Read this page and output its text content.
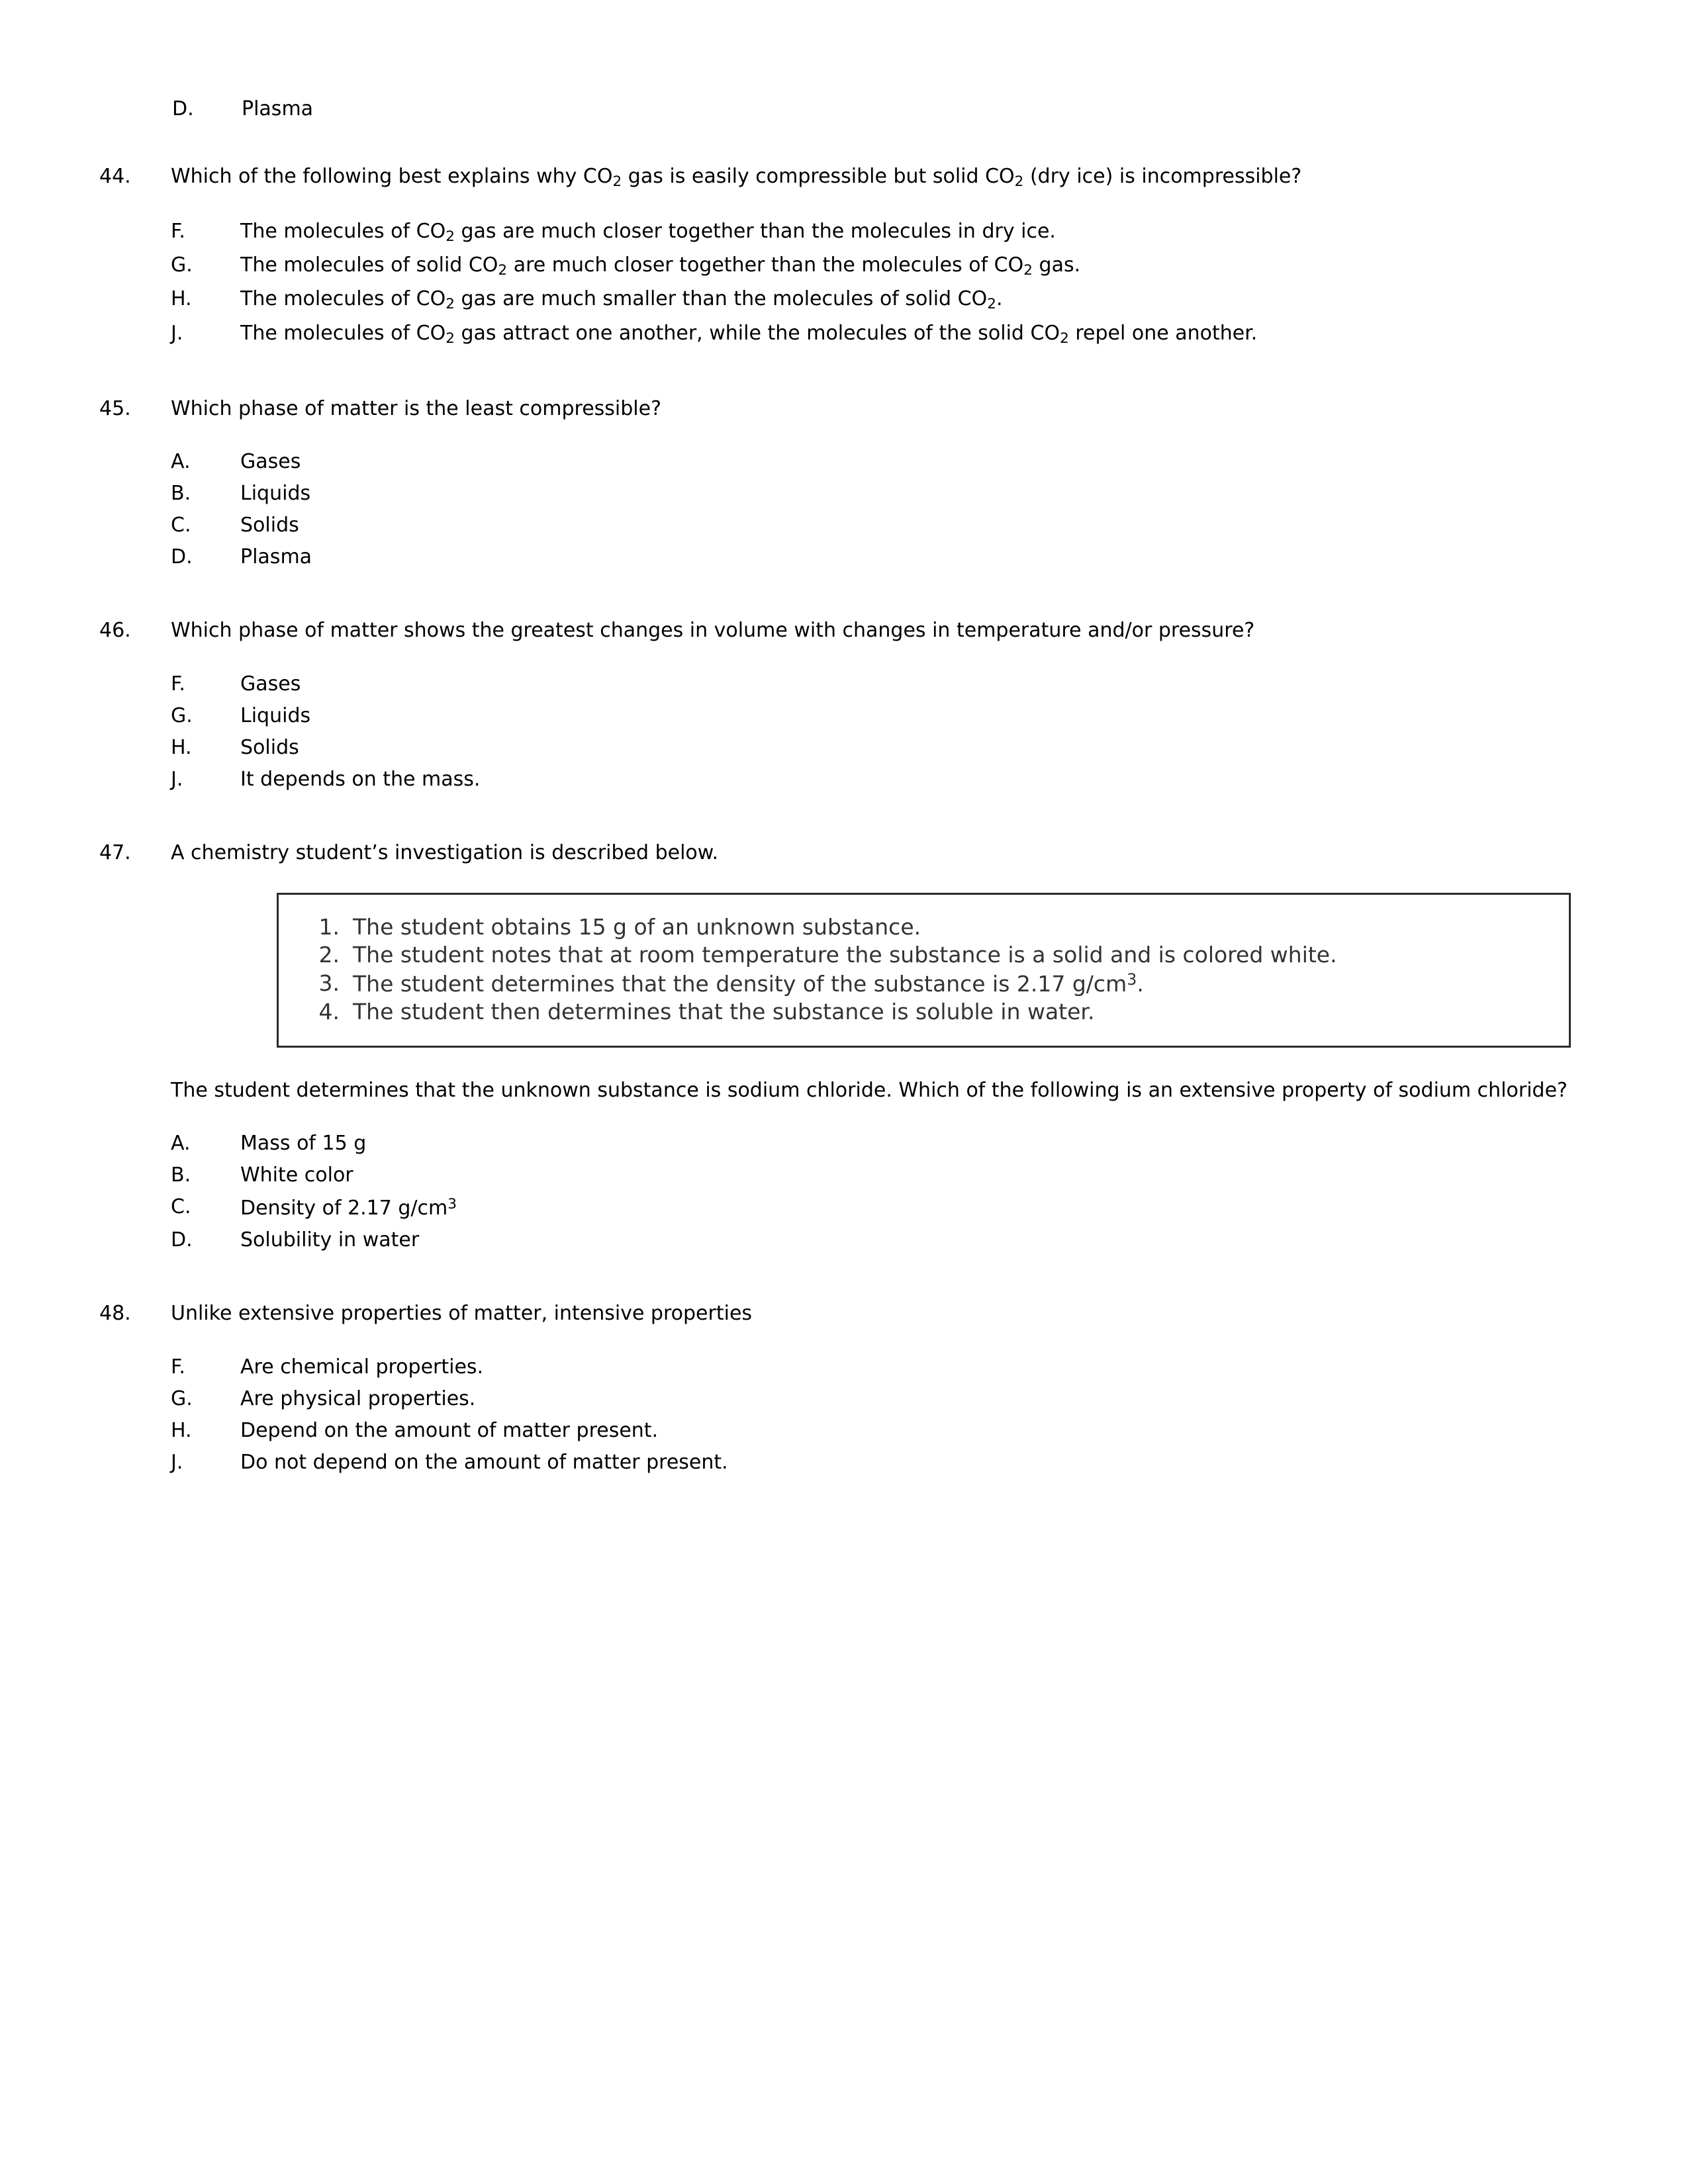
D.	Plasma
44.	Which of the following best explains why $CO_2$ gas is easily compressible but solid $CO_2$ (dry ice) is incompressible?
F.	The molecules of $CO_2$ gas are much closer together than the molecules in dry ice.
G.	The molecules of solid $CO_2$ are much closer together than the molecules of $CO_2$ gas.
H.	The molecules of $CO_2$ gas are much smaller than the molecules of solid $CO_2$.
J.	The molecules of $CO_2$ gas attract one another, while the molecules of the solid $CO_2$ repel one another.
45.	Which phase of matter is the least compressible?
A.	Gases
B.	Liquids
C.	Solids
D.	Plasma
46.	Which phase of matter shows the greatest changes in volume with changes in temperature and/or pressure?
F.	Gases
G.	Liquids
H.	Solids
J.	It depends on the mass.
47.	A chemistry student’s investigation is described below.
1. The student obtains 15 g of an unknown substance.
2. The student notes that at room temperature the substance is a solid and is colored white.
3. The student determines that the density of the substance is 2.17 $g/cm^3$.
4. The student then determines that the substance is soluble in water.
The student determines that the unknown substance is sodium chloride. Which of the following is an extensive property of sodium chloride?
A.	Mass of 15 g
B.	White color
C.	Density of 2.17 $g/cm^3$
D.	Solubility in water
48.	Unlike extensive properties of matter, intensive properties
F.	Are chemical properties.
G.	Are physical properties.
H.	Depend on the amount of matter present.
J.	Do not depend on the amount of matter present.
